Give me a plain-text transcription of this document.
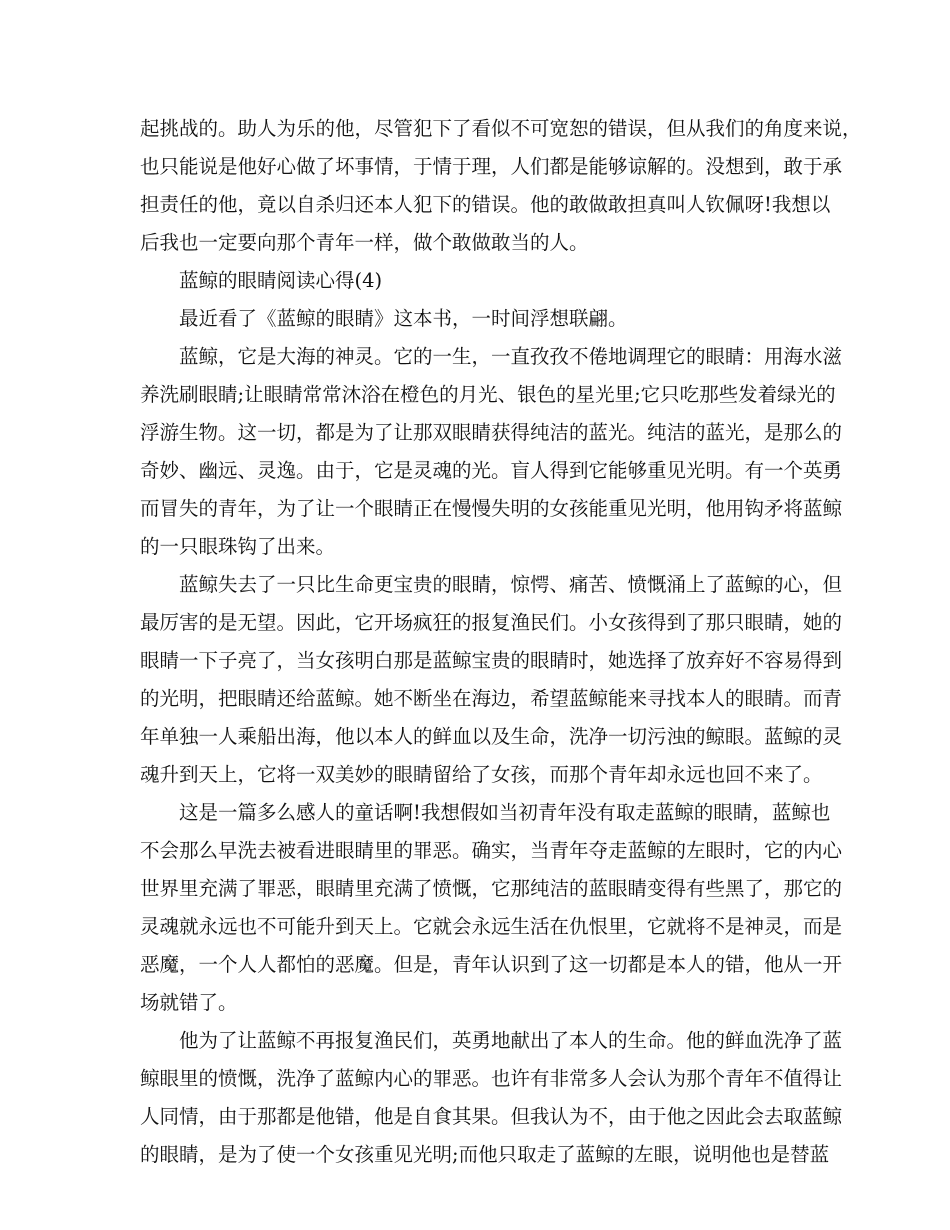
起挑战的。助人为乐的他，尽管犯下了看似不可宽恕的错误，但从我们的角度来说，
也只能说是他好心做了坏事情，于情于理，人们都是能够谅解的。没想到，敢于承
担责任的他，竟以自杀归还本人犯下的错误。他的敢做敢担真叫人钦佩呀!我想以
后我也一定要向那个青年一样，做个敢做敢当的人。
　　蓝鲸的眼睛阅读心得(4)
　　最近看了《蓝鲸的眼睛》这本书，一时间浮想联翩。
　　蓝鲸，它是大海的神灵。它的一生，一直孜孜不倦地调理它的眼睛：用海水滋
养洗刷眼睛;让眼睛常常沐浴在橙色的月光、银色的星光里;它只吃那些发着绿光的
浮游生物。这一切，都是为了让那双眼睛获得纯洁的蓝光。纯洁的蓝光，是那么的
奇妙、幽远、灵逸。由于，它是灵魂的光。盲人得到它能够重见光明。有一个英勇
而冒失的青年，为了让一个眼睛正在慢慢失明的女孩能重见光明，他用钩矛将蓝鲸
的一只眼珠钩了出来。
　　蓝鲸失去了一只比生命更宝贵的眼睛，惊愕、痛苦、愤慨涌上了蓝鲸的心，但
最厉害的是无望。因此，它开场疯狂的报复渔民们。小女孩得到了那只眼睛，她的
眼睛一下子亮了，当女孩明白那是蓝鲸宝贵的眼睛时，她选择了放弃好不容易得到
的光明，把眼睛还给蓝鲸。她不断坐在海边，希望蓝鲸能来寻找本人的眼睛。而青
年单独一人乘船出海，他以本人的鲜血以及生命，洗净一切污浊的鲸眼。蓝鲸的灵
魂升到天上，它将一双美妙的眼睛留给了女孩，而那个青年却永远也回不来了。
　　这是一篇多么感人的童话啊!我想假如当初青年没有取走蓝鲸的眼睛，蓝鲸也
不会那么早洗去被看进眼睛里的罪恶。确实，当青年夺走蓝鲸的左眼时，它的内心
世界里充满了罪恶，眼睛里充满了愤慨，它那纯洁的蓝眼睛变得有些黑了，那它的
灵魂就永远也不可能升到天上。它就会永远生活在仇恨里，它就将不是神灵，而是
恶魔，一个人人都怕的恶魔。但是，青年认识到了这一切都是本人的错，他从一开
场就错了。
　　他为了让蓝鲸不再报复渔民们，英勇地献出了本人的生命。他的鲜血洗净了蓝
鲸眼里的愤慨，洗净了蓝鲸内心的罪恶。也许有非常多人会认为那个青年不值得让
人同情，由于那都是他错，他是自食其果。但我认为不，由于他之因此会去取蓝鲸
的眼睛，是为了使一个女孩重见光明;而他只取走了蓝鲸的左眼，说明他也是替蓝
